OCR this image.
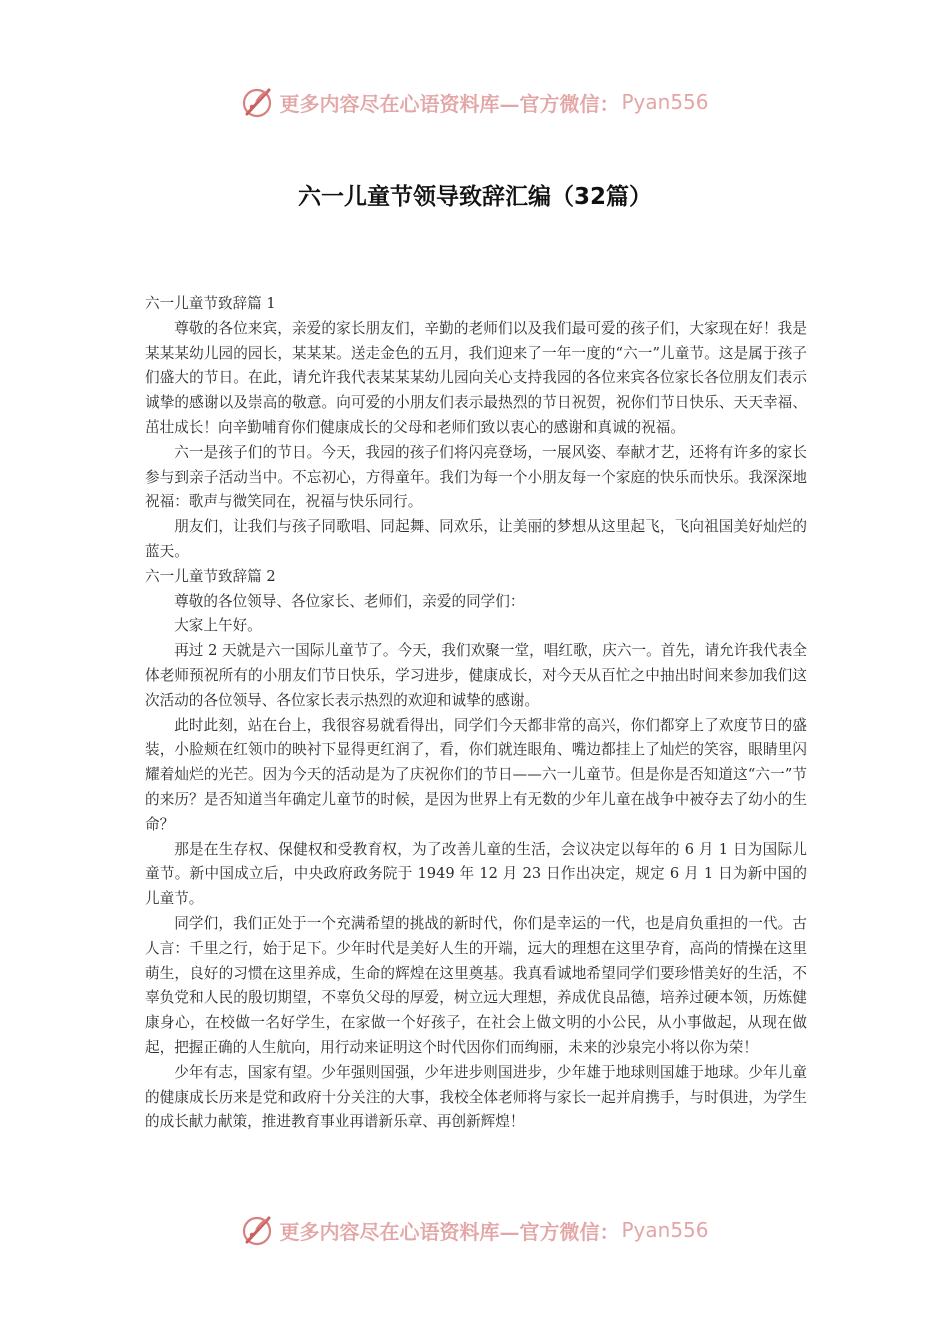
更多内容尽在心语资料库—官方微信： Pyan556
六一儿童节领导致辞汇编（32篇）

六一儿童节致辞篇 1

尊敬的各位来宾，亲爱的家长朋友们，辛勤的老师们以及我们最可爱的孩子们，大家现在好！我是某某某幼儿园的园长，某某某。送走金色的五月，我们迎来了一年一度的“六一”儿童节。这是属于孩子们盛大的节日。在此，请允许我代表某某某幼儿园向关心支持我园的各位来宾各位家长各位朋友们表示诚挚的感谢以及崇高的敬意。向可爱的小朋友们表示最热烈的节日祝贺，祝你们节日快乐、天天幸福、茁壮成长！向辛勤哺育你们健康成长的父母和老师们致以衷心的感谢和真诚的祝福。

六一是孩子们的节日。今天，我园的孩子们将闪亮登场，一展风姿、奉献才艺，还将有许多的家长参与到亲子活动当中。不忘初心，方得童年。我们为每一个小朋友每一个家庭的快乐而快乐。我深深地祝福：歌声与微笑同在，祝福与快乐同行。

朋友们，让我们与孩子同歌唱、同起舞、同欢乐，让美丽的梦想从这里起飞，飞向祖国美好灿烂的蓝天。

六一儿童节致辞篇 2

尊敬的各位领导、各位家长、老师们，亲爱的同学们：

大家上午好。

再过 2 天就是六一国际儿童节了。今天，我们欢聚一堂，唱红歌，庆六一。首先，请允许我代表全体老师预祝所有的小朋友们节日快乐，学习进步，健康成长，对今天从百忙之中抽出时间来参加我们这次活动的各位领导、各位家长表示热烈的欢迎和诚挚的感谢。

此时此刻，站在台上，我很容易就看得出，同学们今天都非常的高兴，你们都穿上了欢度节日的盛装，小脸颊在红领巾的映衬下显得更红润了，看，你们就连眼角、嘴边都挂上了灿烂的笑容，眼睛里闪耀着灿烂的光芒。因为今天的活动是为了庆祝你们的节日——六一儿童节。但是你是否知道这“六一”节的来历？是否知道当年确定儿童节的时候，是因为世界上有无数的少年儿童在战争中被夺去了幼小的生命？

那是在生存权、保健权和受教育权，为了改善儿童的生活，会议决定以每年的 6 月 1 日为国际儿童节。新中国成立后，中央政府政务院于 1949 年 12 月 23 日作出决定，规定 6 月 1 日为新中国的儿童节。

同学们，我们正处于一个充满希望的挑战的新时代，你们是幸运的一代，也是肩负重担的一代。古人言：千里之行，始于足下。少年时代是美好人生的开端，远大的理想在这里孕育，高尚的情操在这里萌生，良好的习惯在这里养成，生命的辉煌在这里奠基。我真看诚地希望同学们要珍惜美好的生活，不辜负党和人民的殷切期望，不辜负父母的厚爱，树立远大理想，养成优良品德，培养过硬本领，历炼健康身心，在校做一名好学生，在家做一个好孩子，在社会上做文明的小公民，从小事做起，从现在做起，把握正确的人生航向，用行动来证明这个时代因你们而绚丽，未来的沙泉完小将以你为荣！

少年有志，国家有望。少年强则国强，少年进步则国进步，少年雄于地球则国雄于地球。少年儿童的健康成长历来是党和政府十分关注的大事，我校全体老师将与家长一起并肩携手，与时俱进，为学生的成长献力献策，推进教育事业再谱新乐章、再创新辉煌！

更多内容尽在心语资料库—官方微信： Pyan556
